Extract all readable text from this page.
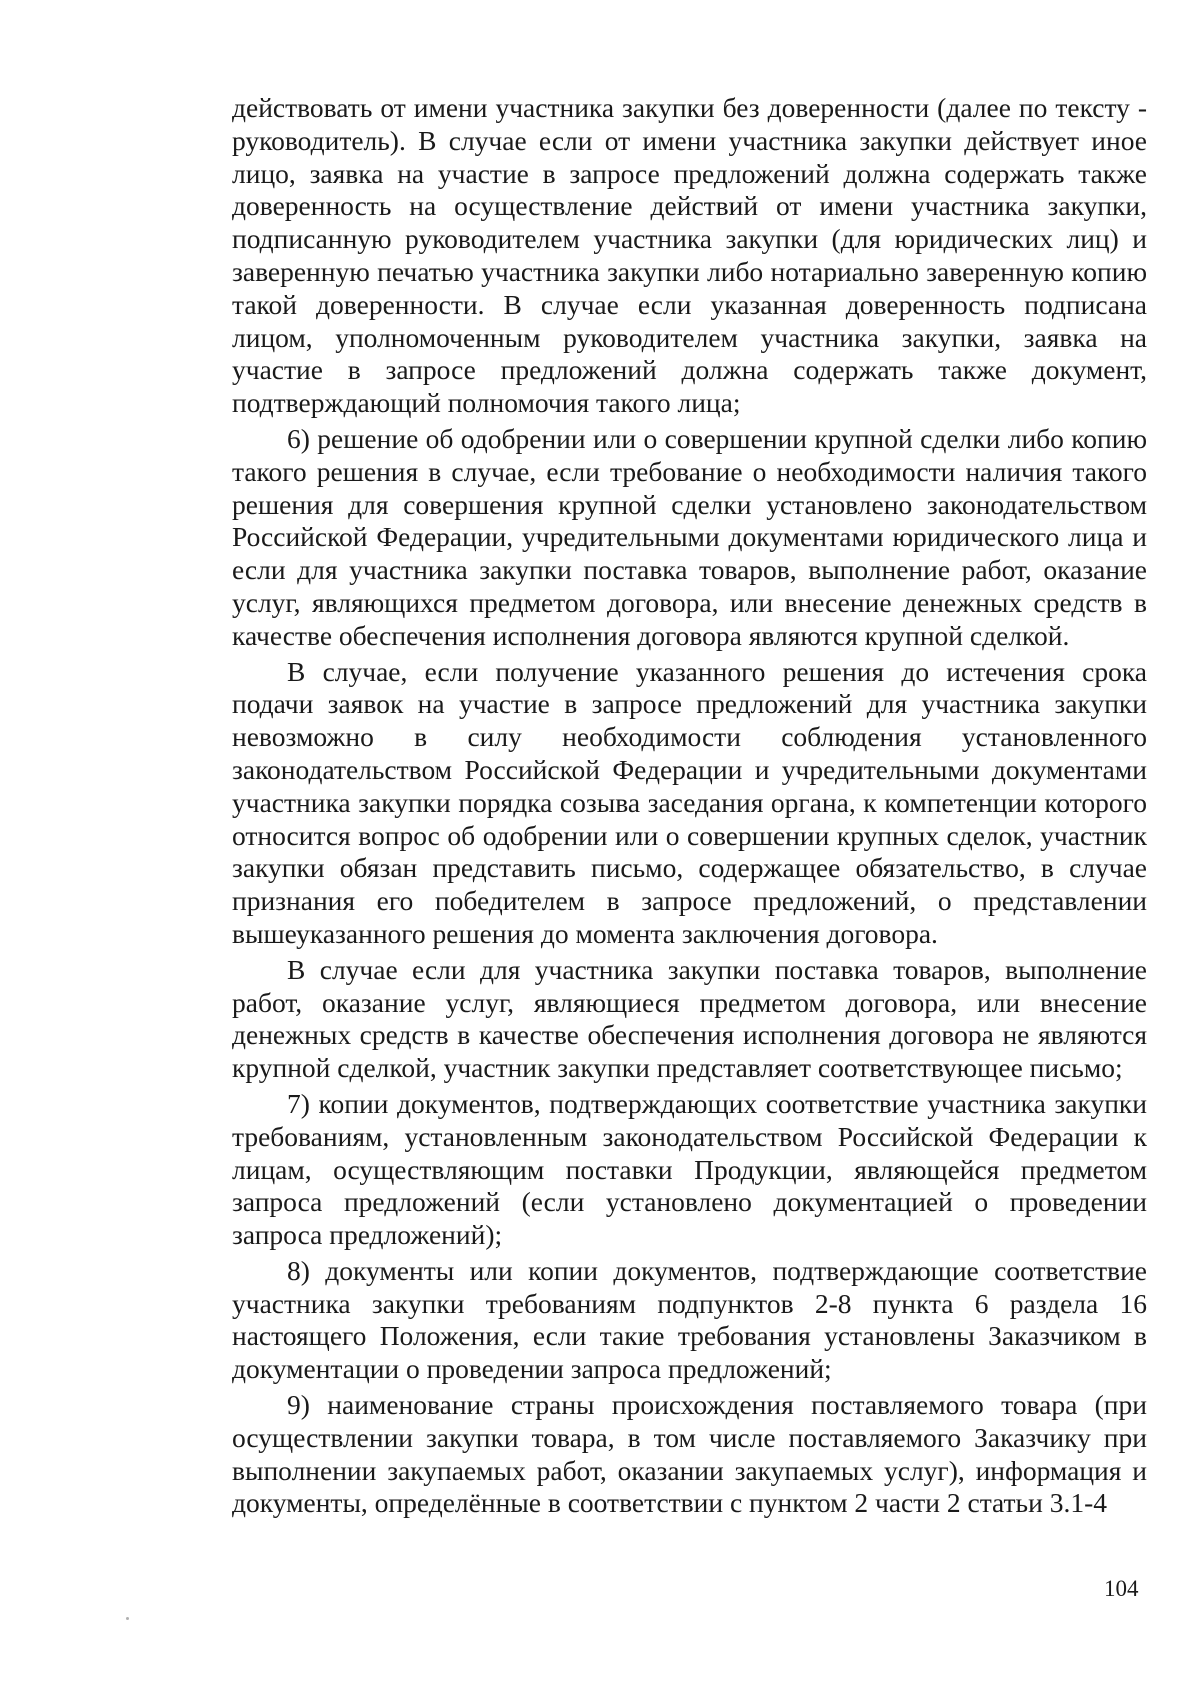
действовать от имени участника закупки без доверенности (далее по тексту - руководитель). В случае если от имени участника закупки действует иное лицо, заявка на участие в запросе предложений должна содержать также доверенность на осуществление действий от имени участника закупки, подписанную руководителем участника закупки (для юридических лиц) и заверенную печатью участника закупки либо нотариально заверенную копию такой доверенности. В случае если указанная доверенность подписана лицом, уполномоченным руководителем участника закупки, заявка на участие в запросе предложений должна содержать также документ, подтверждающий полномочия такого лица;

6) решение об одобрении или о совершении крупной сделки либо копию такого решения в случае, если требование о необходимости наличия такого решения для совершения крупной сделки установлено законодательством Российской Федерации, учредительными документами юридического лица и если для участника закупки поставка товаров, выполнение работ, оказание услуг, являющихся предметом договора, или внесение денежных средств в качестве обеспечения исполнения договора являются крупной сделкой.

В случае, если получение указанного решения до истечения срока подачи заявок на участие в запросе предложений для участника закупки невозможно в силу необходимости соблюдения установленного законодательством Российской Федерации и учредительными документами участника закупки порядка созыва заседания органа, к компетенции которого относится вопрос об одобрении или о совершении крупных сделок, участник закупки обязан представить письмо, содержащее обязательство, в случае признания его победителем в запросе предложений, о представлении вышеуказанного решения до момента заключения договора.

В случае если для участника закупки поставка товаров, выполнение работ, оказание услуг, являющиеся предметом договора, или внесение денежных средств в качестве обеспечения исполнения договора не являются крупной сделкой, участник закупки представляет соответствующее письмо;

7) копии документов, подтверждающих соответствие участника закупки требованиям, установленным законодательством Российской Федерации к лицам, осуществляющим поставки Продукции, являющейся предметом запроса предложений (если установлено документацией о проведении запроса предложений);

8) документы или копии документов, подтверждающие соответствие участника закупки требованиям подпунктов 2-8 пункта 6 раздела 16 настоящего Положения, если такие требования установлены Заказчиком в документации о проведении запроса предложений;

9) наименование страны происхождения поставляемого товара (при осуществлении закупки товара, в том числе поставляемого Заказчику при выполнении закупаемых работ, оказании закупаемых услуг), информация и документы, определённые в соответствии с пунктом 2 части 2 статьи 3.1-4

104
